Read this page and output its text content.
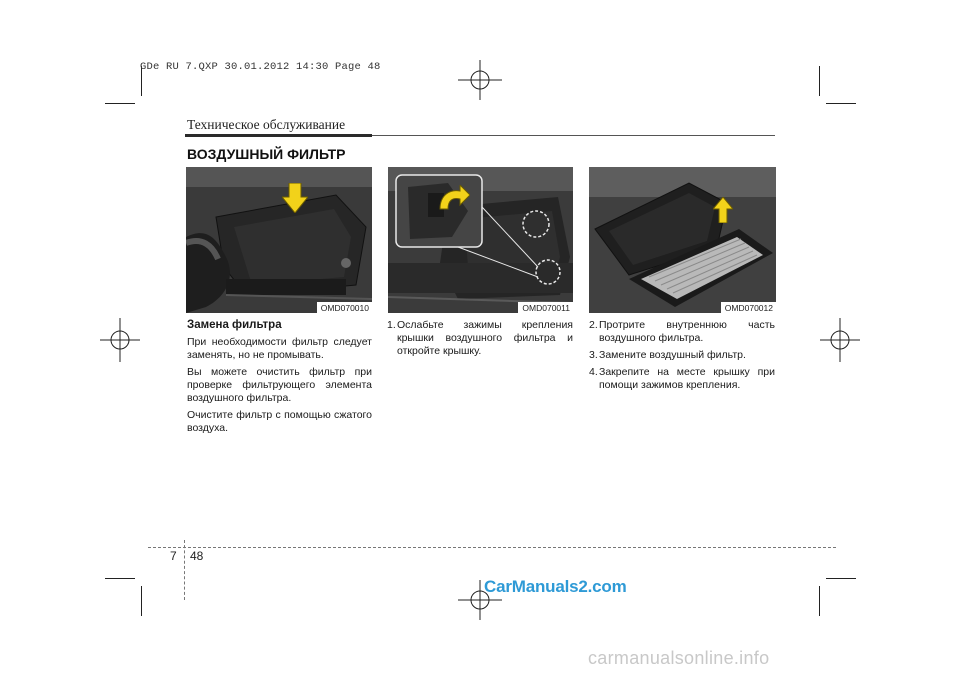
GDe RU 7.QXP 30.01.2012 14:30 Page 48
Техническое обслуживание
ВОЗДУШНЫЙ ФИЛЬТР
OMD070010	OMD070011	OMD070012
Замена фильтра

При необходимости фильтр следует заменять, но не промывать.

Вы можете очистить фильтр при проверке фильтрующего элемента воздушного фильтра.

Очистите фильтр с помощью сжатого воздуха.

1. Ослабьте зажимы крепления крышки воздушного фильтра и откройте крышку.
2. Протрите внутреннюю часть воздушного фильтра.
3. Замените воздушный фильтр.
4. Закрепите на месте крышку при помощи зажимов крепления.
7 48
CarManuals2.com
carmanualsonline.info
